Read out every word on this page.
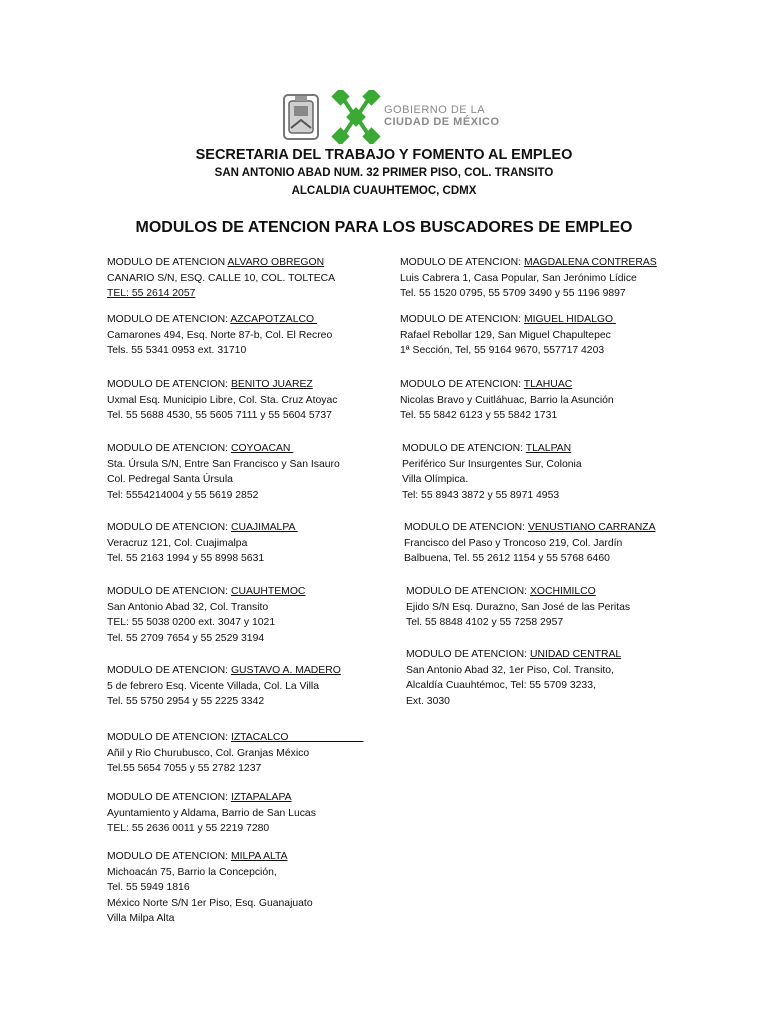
GOBIERNO DE LA
CIUDAD DE MÉXICO
SECRETARIA DEL TRABAJO Y FOMENTO AL EMPLEO
SAN ANTONIO ABAD NUM. 32 PRIMER PISO, COL. TRANSITO
ALCALDIA CUAUHTEMOC, CDMX
MODULOS DE ATENCION PARA LOS BUSCADORES DE EMPLEO
MODULO DE ATENCION ALVARO OBREGON
CANARIO S/N, ESQ. CALLE 10, COL. TOLTECA
TEL: 55 2614 2057
MODULO DE ATENCION: AZCAPOTZALCO
Camarones 494, Esq. Norte 87-b, Col. El Recreo
Tels. 55 5341 0953 ext. 31710
MODULO DE ATENCION: BENITO JUAREZ
Uxmal Esq. Municipio Libre, Col. Sta. Cruz Atoyac
Tel. 55 5688 4530, 55 5605 7111 y 55 5604 5737
MODULO DE ATENCION: COYOACAN
Sta. Úrsula S/N, Entre San Francisco y San Isauro
Col. Pedregal Santa Úrsula
Tel: 5554214004 y 55 5619 2852
MODULO DE ATENCION: CUAJIMALPA
Veracruz 121, Col. Cuajimalpa
Tel. 55 2163 1994 y 55 8998 5631
MODULO DE ATENCION: CUAUHTEMOC
San Antonio Abad 32, Col. Transito
TEL: 55 5038 0200 ext. 3047 y 1021
Tel. 55 2709 7654 y 55 2529 3194
MODULO DE ATENCION: GUSTAVO A. MADERO
5 de febrero Esq. Vicente Villada, Col. La Villa
Tel. 55 5750 2954 y 55 2225 3342
MODULO DE ATENCION: IZTACALCO
Añil y Rio Churubusco, Col. Granjas México
Tel.55 5654 7055 y 55 2782 1237
MODULO DE ATENCION: IZTAPALAPA
Ayuntamiento y Aldama, Barrio de San Lucas
TEL: 55 2636 0011 y 55 2219 7280
MODULO DE ATENCION: MILPA ALTA
Michoacán 75, Barrio la Concepción,
Tel. 55 5949 1816
México Norte S/N 1er Piso, Esq. Guanajuato
Villa Milpa Alta
MODULO DE ATENCION: MAGDALENA CONTRERAS
Luis Cabrera 1, Casa Popular, San Jerónimo Lídice
Tel. 55 1520 0795, 55 5709 3490 y 55 1196 9897
MODULO DE ATENCION: MIGUEL HIDALGO
Rafael Rebollar 129, San Miguel Chapultepec
1ª Sección, Tel, 55 9164 9670, 557717 4203
MODULO DE ATENCION: TLAHUAC
Nicolas Bravo y Cuitláhuac, Barrio la Asunción
Tel. 55 5842 6123 y 55 5842 1731
MODULO DE ATENCION: TLALPAN
Periférico Sur Insurgentes Sur, Colonia
Villa Olímpica.
Tel: 55 8943 3872 y 55 8971 4953
MODULO DE ATENCION: VENUSTIANO CARRANZA
Francisco del Paso y Troncoso 219, Col. Jardín
Balbuena, Tel. 55 2612 1154 y 55 5768 6460
MODULO DE ATENCION: XOCHIMILCO
Ejido S/N Esq. Durazno, San José de las Peritas
Tel. 55 8848 4102 y 55 7258 2957
MODULO DE ATENCION: UNIDAD CENTRAL
San Antonio Abad 32, 1er Piso, Col. Transito,
Alcaldía Cuauhtémoc, Tel: 55 5709 3233,
Ext. 3030
